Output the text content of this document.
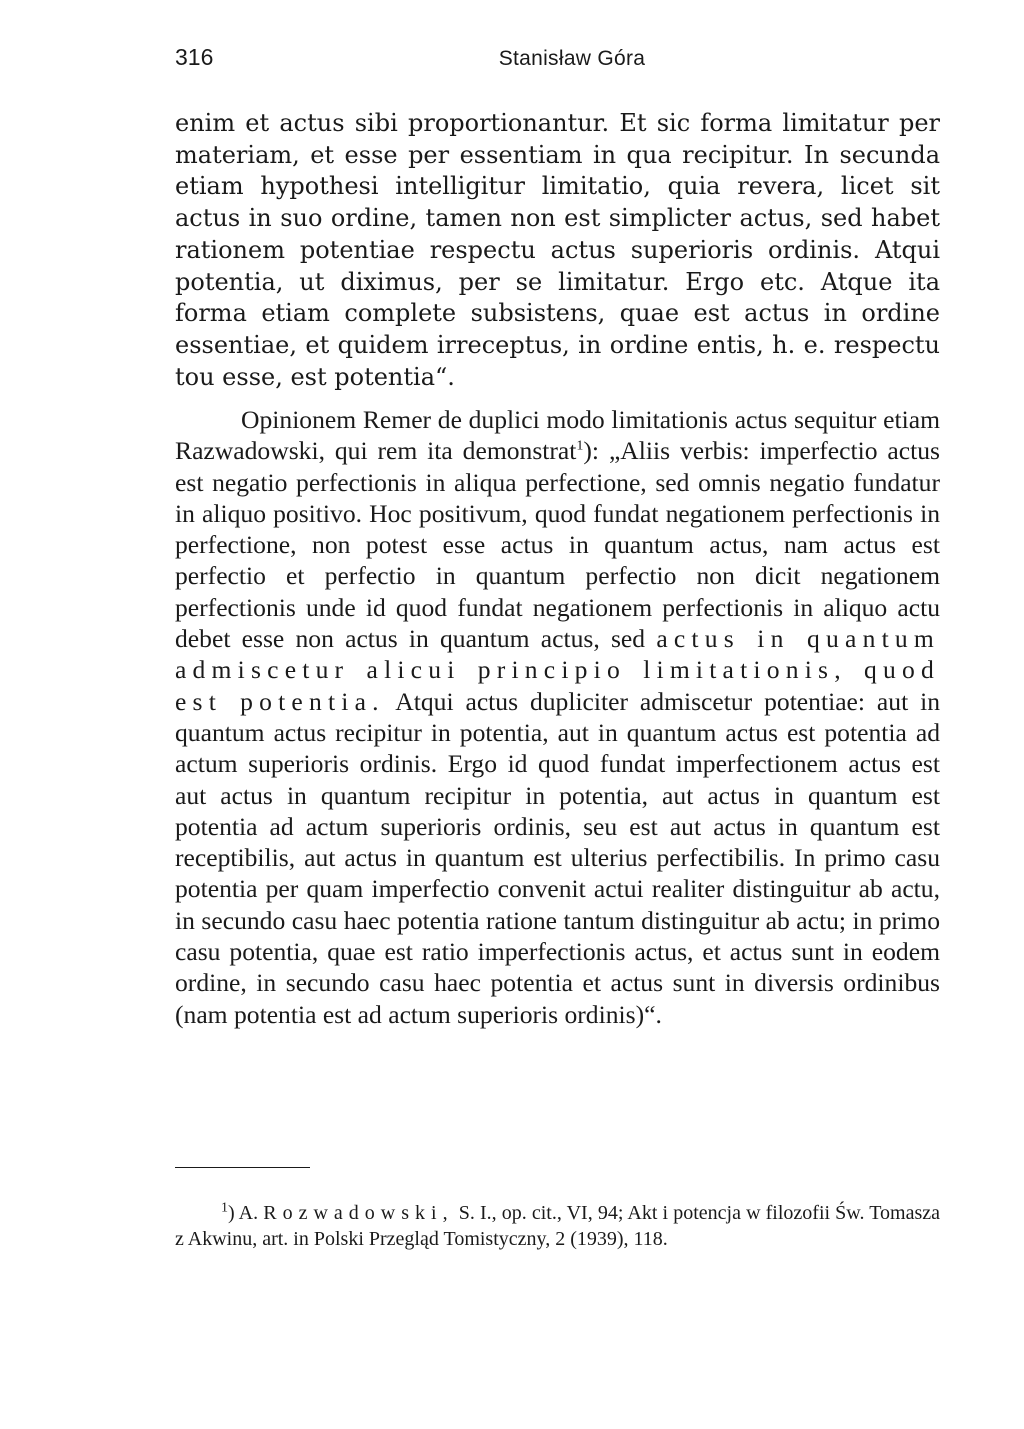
316	Stanisław Góra
enim et actus sibi proportionantur. Et sic forma limitatur per materiam, et esse per essentiam in qua recipitur. In secunda etiam hypothesi intelligitur limitatio, quia revera, licet sit actus in suo ordine, tamen non est simplicter actus, sed habet rationem potentiae respectu actus superioris ordinis. Atqui potentia, ut diximus, per se limitatur. Ergo etc. Atque ita forma etiam complete subsistens, quae est actus in ordine essentiae, et quidem irreceptus, in ordine entis, h. e. respectu tou esse, est potentia“.
Opinionem Remer de duplici modo limitationis actus sequitur etiam Razwadowski, qui rem ita demonstrat$^1$): „Aliis verbis: imperfectio actus est negatio perfectionis in aliqua perfectione, sed omnis negatio fundatur in aliquo positivo. Hoc positivum, quod fundat negationem perfectionis in perfectione, non potest esse actus in quantum actus, nam actus est perfectio et perfectio in quantum perfectio non dicit negationem perfectionis unde id quod fundat negationem perfectionis in aliquo actu debet esse non actus in quantum actus, sed actus in quantum admiscetur alicui principio limitationis, quod est potentia. Atqui actus dupliciter admiscetur potentiae: aut in quantum actus recipitur in potentia, aut in quantum actus est potentia ad actum superioris ordinis. Ergo id quod fundat imperfectionem actus est aut actus in quantum recipitur in potentia, aut actus in quantum est potentia ad actum superioris ordinis, seu est aut actus in quantum est receptibilis, aut actus in quantum est ulterius perfectibilis. In primo casu potentia per quam imperfectio convenit actui realiter distinguitur ab actu, in secundo casu haec potentia ratione tantum distinguitur ab actu; in primo casu potentia, quae est ratio imperfectionis actus, et actus sunt in eodem ordine, in secundo casu haec potentia et actus sunt in diversis ordinibus (nam potentia est ad actum superioris ordinis)“.
$^1$) A. Rozwadowski, S. I., op. cit., VI, 94; Akt i potencja w filozofii Św. Tomasza z Akwinu, art. in Polski Przegląd Tomistyczny, 2 (1939), 118.
